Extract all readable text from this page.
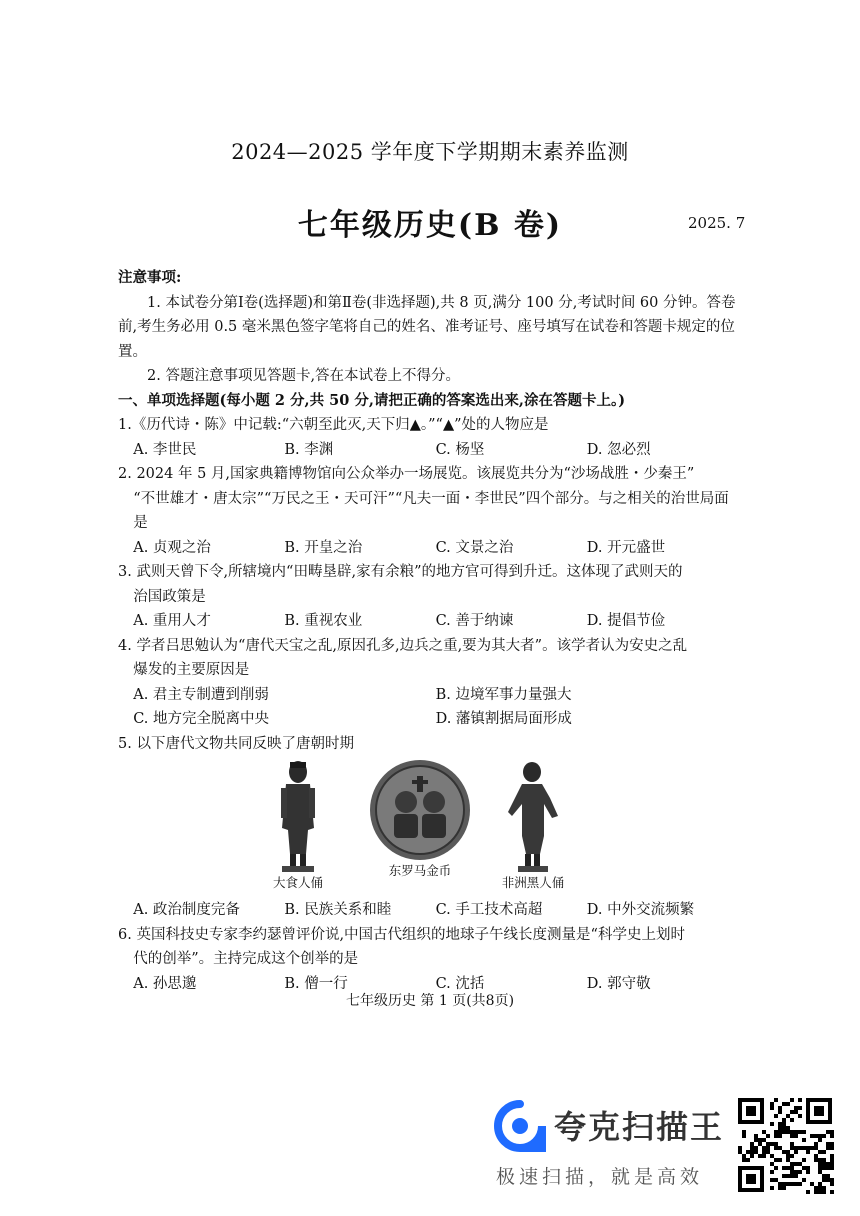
2024—2025 学年度下学期期末素养监测
七年级历史(B 卷)	2025. 7

注意事项:

1. 本试卷分第Ⅰ卷(选择题)和第Ⅱ卷(非选择题),共 8 页,满分 100 分,考试时间 60 分钟。答卷前,考生务必用 0.5 毫米黑色签字笔将自己的姓名、准考证号、座号填写在试卷和答题卡规定的位置。

2. 答题注意事项见答题卡,答在本试卷上不得分。

一、单项选择题(每小题 2 分,共 50 分,请把正确的答案选出来,涂在答题卡上。)

1.《历代诗・陈》中记载:“六朝至此灭,天下归▲。”“▲”处的人物应是

A. 李世民	B. 李渊	C. 杨坚	D. 忽必烈

2. 2024 年 5 月,国家典籍博物馆向公众举办一场展览。该展览共分为“沙场战胜・少秦王”

“不世雄才・唐太宗”“万民之王・天可汗”“凡夫一面・李世民”四个部分。与之相关的治世局面是

A. 贞观之治	B. 开皇之治	C. 文景之治	D. 开元盛世

3. 武则天曾下令,所辖境内“田畴垦辟,家有余粮”的地方官可得到升迁。这体现了武则天的

治国政策是

A. 重用人才	B. 重视农业	C. 善于纳谏	D. 提倡节俭

4. 学者吕思勉认为“唐代天宝之乱,原因孔多,边兵之重,要为其大者”。该学者认为安史之乱

爆发的主要原因是

A. 君主专制遭到削弱	B. 边境军事力量强大
C. 地方完全脱离中央	D. 藩镇割据局面形成

5. 以下唐代文物共同反映了唐朝时期

大食人俑
东罗马金币
非洲黑人俑
A. 政治制度完备	B. 民族关系和睦	C. 手工技术高超	D. 中外交流频繁

6. 英国科技史专家李约瑟曾评价说,中国古代组织的地球子午线长度测量是“科学史上划时

代的创举”。主持完成这个创举的是

A. 孙思邈	B. 僧一行	C. 沈括	D. 郭守敬
七年级历史 第 1 页(共8页)
夸克扫描王
极速扫描，就是高效
